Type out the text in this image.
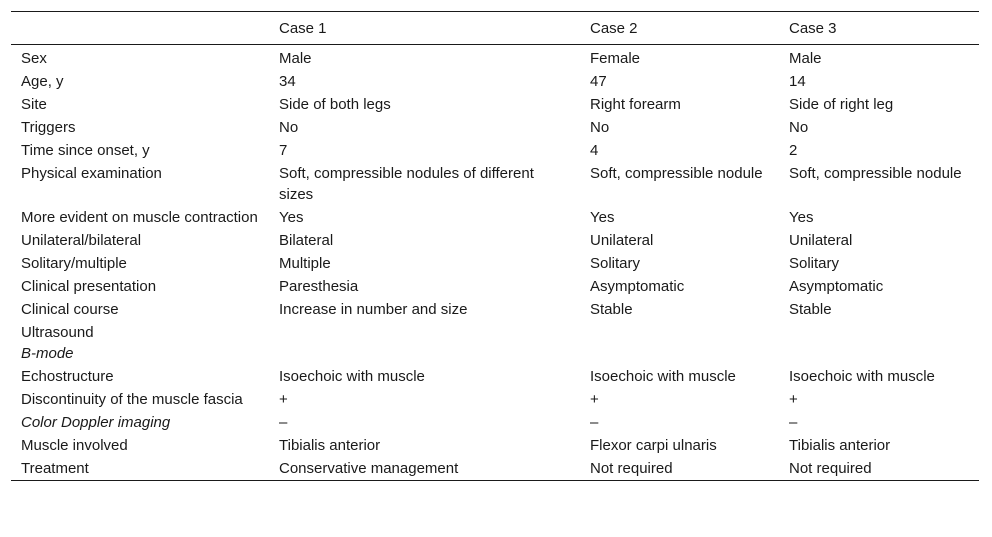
	Case 1	Case 2	Case 3
Sex	Male	Female	Male
Age, y	34	47	14
Site	Side of both legs	Right forearm	Side of right leg
Triggers	No	No	No
Time since onset, y	7	4	2
Physical examination	Soft, compressible nodules of different sizes	Soft, compressible nodule	Soft, compressible nodule
More evident on muscle contraction	Yes	Yes	Yes
Unilateral/bilateral	Bilateral	Unilateral	Unilateral
Solitary/multiple	Multiple	Solitary	Solitary
Clinical presentation	Paresthesia	Asymptomatic	Asymptomatic
Clinical course	Increase in number and size	Stable	Stable
Ultrasound
B-mode			

Echostructure	Isoechoic with muscle	Isoechoic with muscle	Isoechoic with muscle
Discontinuity of the muscle fascia	+	+	+
Color Doppler imaging	–	–	–
Muscle involved	Tibialis anterior	Flexor carpi ulnaris	Tibialis anterior
Treatment	Conservative management	Not required	Not required
